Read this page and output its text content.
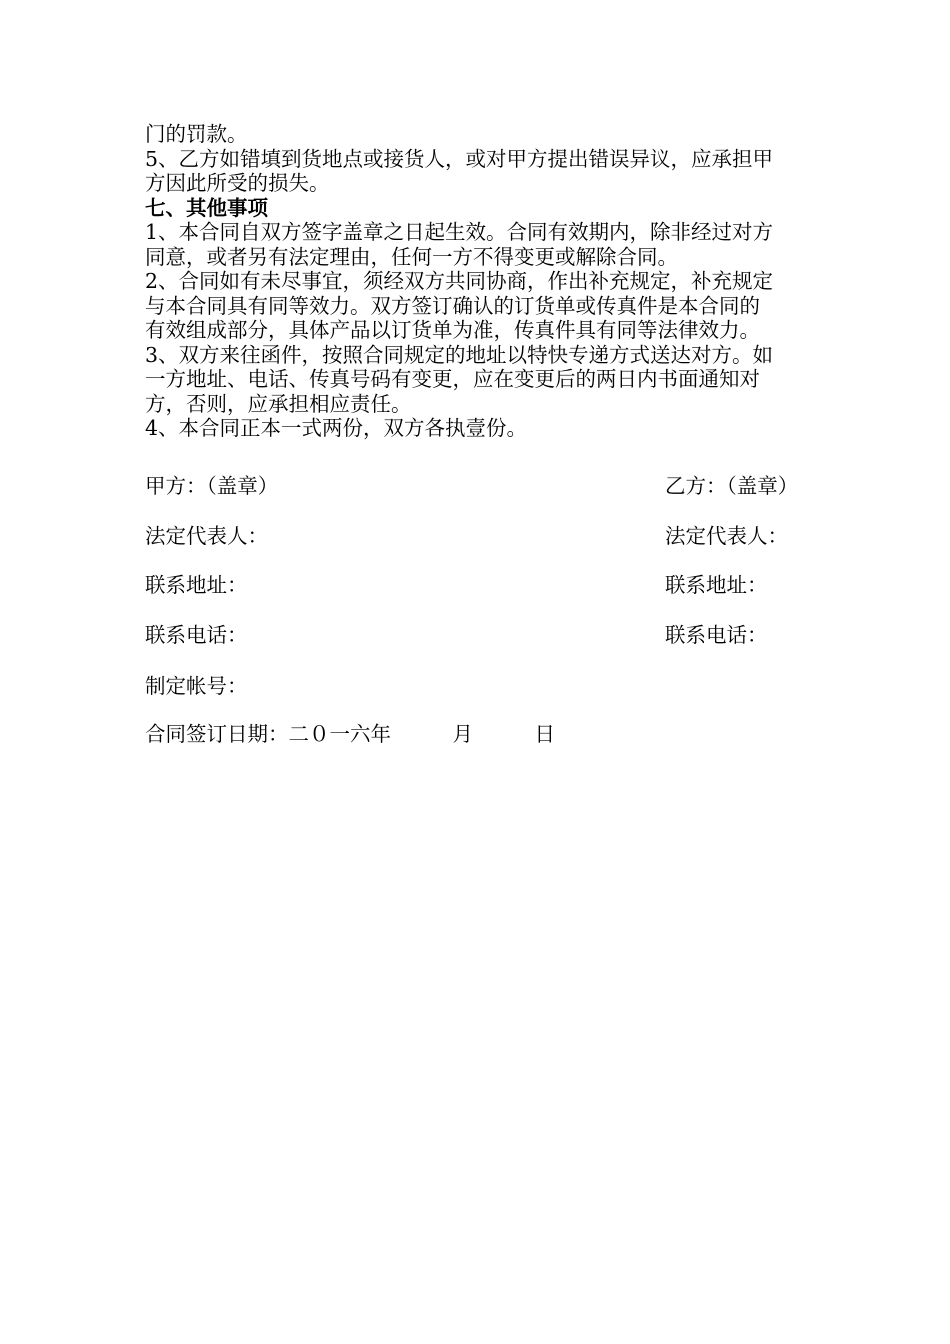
门的罚款。
5、乙方如错填到货地点或接货人，或对甲方提出错误异议，应承担甲
方因此所受的损失。
七、其他事项
1、本合同自双方签字盖章之日起生效。合同有效期内，除非经过对方
同意，或者另有法定理由，任何一方不得变更或解除合同。
2、合同如有未尽事宜，须经双方共同协商，作出补充规定，补充规定
与本合同具有同等效力。双方签订确认的订货单或传真件是本合同的
有效组成部分，具体产品以订货单为准，传真件具有同等法律效力。
3、双方来往函件，按照合同规定的地址以特快专递方式送达对方。如
一方地址、电话、传真号码有变更，应在变更后的两日内书面通知对
方，否则，应承担相应责任。
4、本合同正本一式两份，双方各执壹份。
甲方：（盖章）	乙方：（盖章）
法定代表人：	法定代表人：
联系地址：	联系地址：
联系电话：	联系电话：
制定帐号：
合同签订日期：二０一六年　　　月　　　日
